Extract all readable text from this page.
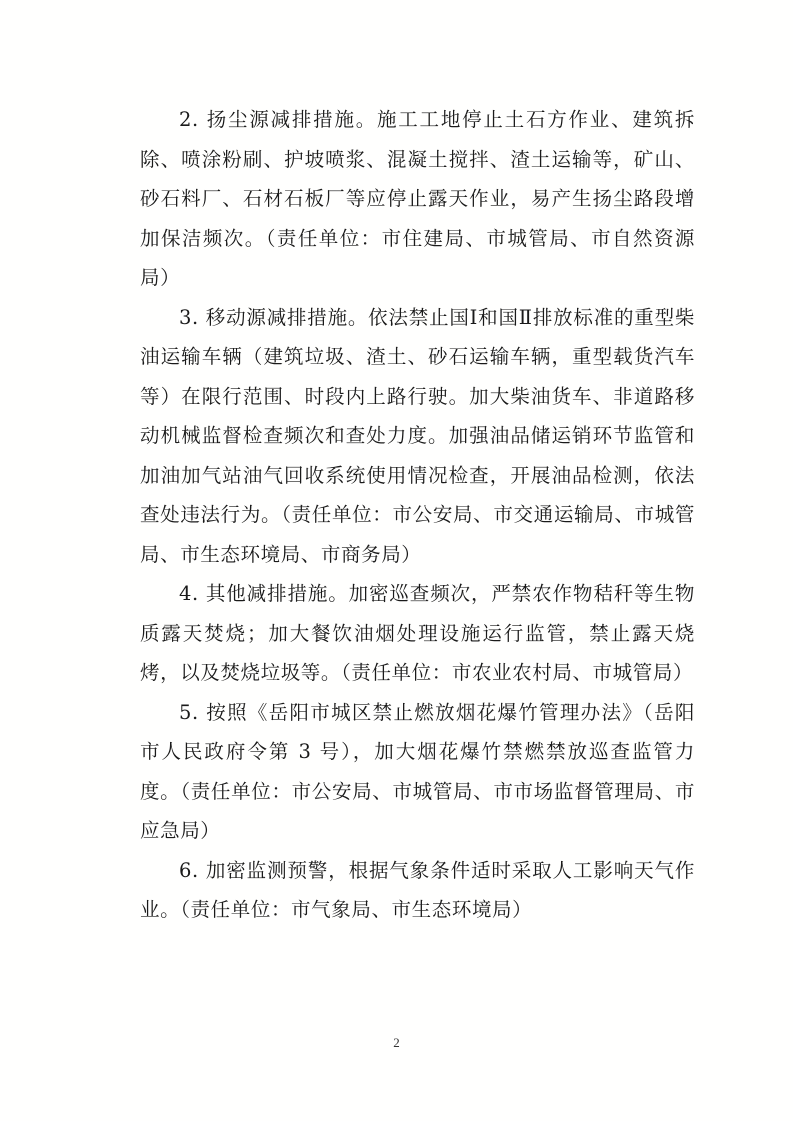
2. 扬尘源减排措施。施工工地停止土石方作业、建筑拆除、喷涂粉刷、护坡喷浆、混凝土搅拌、渣土运输等，矿山、砂石料厂、石材石板厂等应停止露天作业，易产生扬尘路段增加保洁频次。（责任单位：市住建局、市城管局、市自然资源局）

3. 移动源减排措施。依法禁止国Ⅰ和国Ⅱ排放标准的重型柴油运输车辆（建筑垃圾、渣土、砂石运输车辆，重型载货汽车等）在限行范围、时段内上路行驶。加大柴油货车、非道路移动机械监督检查频次和查处力度。加强油品储运销环节监管和加油加气站油气回收系统使用情况检查，开展油品检测，依法查处违法行为。（责任单位：市公安局、市交通运输局、市城管局、市生态环境局、市商务局）

4. 其他减排措施。加密巡查频次，严禁农作物秸秆等生物质露天焚烧；加大餐饮油烟处理设施运行监管，禁止露天烧烤，以及焚烧垃圾等。（责任单位：市农业农村局、市城管局）

5. 按照《岳阳市城区禁止燃放烟花爆竹管理办法》（岳阳市人民政府令第 3 号），加大烟花爆竹禁燃禁放巡查监管力度。（责任单位：市公安局、市城管局、市市场监督管理局、市应急局）

6. 加密监测预警，根据气象条件适时采取人工影响天气作业。（责任单位：市气象局、市生态环境局）

2
